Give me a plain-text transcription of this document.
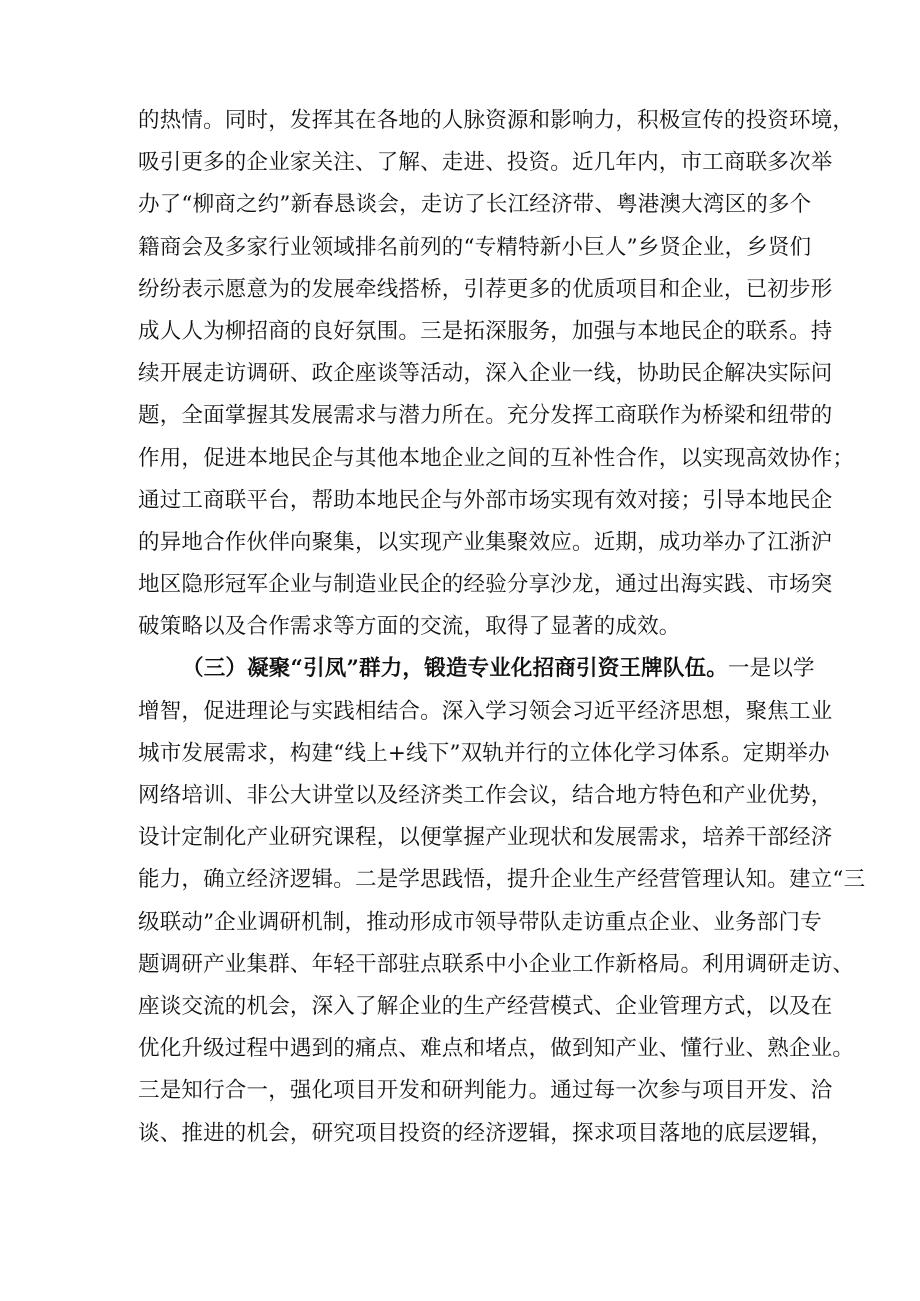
的热情。同时，发挥其在各地的人脉资源和影响力，积极宣传的投资环境，
吸引更多的企业家关注、了解、走进、投资。近几年内，市工商联多次举
办了“柳商之约”新春恳谈会，走访了长江经济带、粤港澳大湾区的多个
籍商会及多家行业领域排名前列的“专精特新小巨人”乡贤企业，乡贤们
纷纷表示愿意为的发展牵线搭桥，引荐更多的优质项目和企业，已初步形
成人人为柳招商的良好氛围。三是拓深服务，加强与本地民企的联系。持
续开展走访调研、政企座谈等活动，深入企业一线，协助民企解决实际问
题，全面掌握其发展需求与潜力所在。充分发挥工商联作为桥梁和纽带的
作用，促进本地民企与其他本地企业之间的互补性合作，以实现高效协作；
通过工商联平台，帮助本地民企与外部市场实现有效对接；引导本地民企
的异地合作伙伴向聚集，以实现产业集聚效应。近期，成功举办了江浙沪
地区隐形冠军企业与制造业民企的经验分享沙龙，通过出海实践、市场突
破策略以及合作需求等方面的交流，取得了显著的成效。
（三）凝聚“引凤”群力，锻造专业化招商引资王牌队伍。一是以学
增智，促进理论与实践相结合。深入学习领会习近平经济思想，聚焦工业
城市发展需求，构建“线上+线下”双轨并行的立体化学习体系。定期举办
网络培训、非公大讲堂以及经济类工作会议，结合地方特色和产业优势，
设计定制化产业研究课程，以便掌握产业现状和发展需求，培养干部经济
能力，确立经济逻辑。二是学思践悟，提升企业生产经营管理认知。建立“三
级联动”企业调研机制，推动形成市领导带队走访重点企业、业务部门专
题调研产业集群、年轻干部驻点联系中小企业工作新格局。利用调研走访、
座谈交流的机会，深入了解企业的生产经营模式、企业管理方式，以及在
优化升级过程中遇到的痛点、难点和堵点，做到知产业、懂行业、熟企业。
三是知行合一，强化项目开发和研判能力。通过每一次参与项目开发、洽
谈、推进的机会，研究项目投资的经济逻辑，探求项目落地的底层逻辑，
